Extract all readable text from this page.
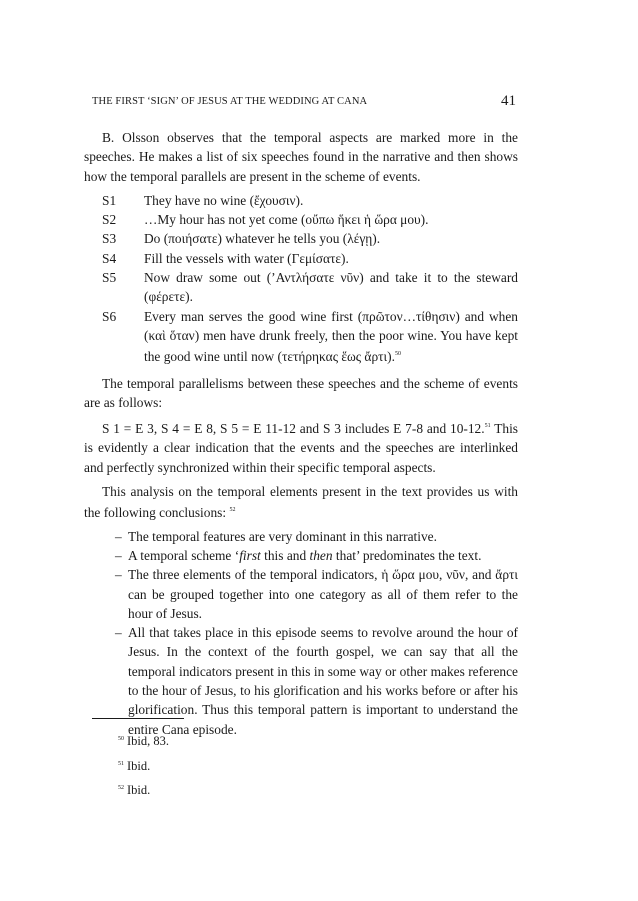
THE FIRST ‘SIGN’ OF JESUS AT THE WEDDING AT CANA	41

B. Olsson observes that the temporal aspects are marked more in the speeches. He makes a list of six speeches found in the narrative and then shows how the temporal parallels are present in the scheme of events.

S1 They have no wine (ἔχουσιν).
S2 …My hour has not yet come (οὔπω ἥκει ἡ ὥρα μου).
S3 Do (ποιήσατε) whatever he tells you (λέγῃ).
S4 Fill the vessels with water (Γεμίσατε).
S5 Now draw some out (’Αντλήσατε νῦν) and take it to the steward (φέρετε).
S6 Every man serves the good wine first (πρῶτον…τίθησιν) and when (καὶ ὅταν) men have drunk freely, then the poor wine. You have kept the good wine until now (τετήρηκας ἕως ἄρτι).$^{50}$

The temporal parallelisms between these speeches and the scheme of events are as follows:

S 1 = E 3, S 4 = E 8, S 5 = E 11-12 and S 3 includes E 7-8 and 10-12.51 This is evidently a clear indication that the events and the speeches are interlinked and perfectly synchronized within their specific temporal aspects.

This analysis on the temporal elements present in the text provides us with the following conclusions: $^{52}$

– The temporal features are very dominant in this narrative.
– A temporal scheme ‘first this and then that’ predominates the text.
– The three elements of the temporal indicators, ἡ ὥρα μου, νῦν, and ἄρτι can be grouped together into one category as all of them refer to the hour of Jesus.
– All that takes place in this episode seems to revolve around the hour of Jesus. In the context of the fourth gospel, we can say that all the temporal indicators present in this in some way or other makes reference to the hour of Jesus, to his glorification and his works before or after his glorification. Thus this temporal pattern is important to understand the entire Cana episode.
$^{50}$ Ibid, 83.
$^{51}$ Ibid.
$^{52}$ Ibid.
